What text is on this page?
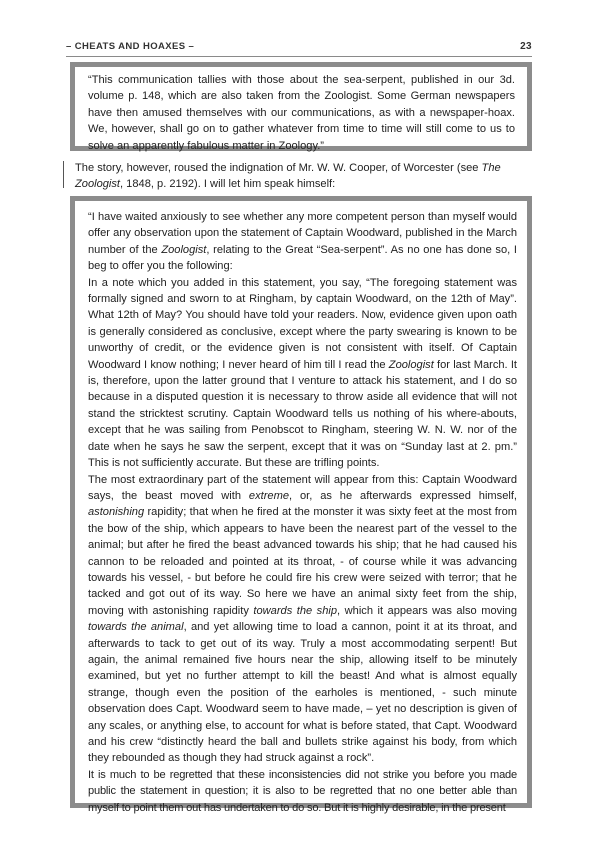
– CHEATS AND HOAXES –	23

“This communication tallies with those about the sea-serpent, published in our 3d. volume p. 148, which are also taken from the Zoologist. Some German newspapers have then amused themselves with our communications, as with a newspaper-hoax. We, however, shall go on to gather whatever from time to time will still come to us to solve an apparently fabulous matter in Zoology.”

The story, however, roused the indignation of Mr. W. W. Cooper, of Worcester (see The Zoologist, 1848, p. 2192). I will let him speak himself:

“I have waited anxiously to see whether any more competent person than myself would offer any observation upon the statement of Captain Woodward, published in the March number of the Zoologist, relating to the Great “Sea-serpent”. As no one has done so, I beg to offer you the following:

In a note which you added in this statement, you say, “The foregoing statement was formally signed and sworn to at Ringham, by captain Woodward, on the 12th of May”. What 12th of May? You should have told your readers. Now, evidence given upon oath is generally considered as conclusive, except where the party swearing is known to be unworthy of credit, or the evidence given is not consistent with itself. Of Captain Woodward I know nothing; I never heard of him till I read the Zoologist for last March. It is, therefore, upon the latter ground that I venture to attack his statement, and I do so because in a disputed question it is necessary to throw aside all evidence that will not stand the stricktest scrutiny. Captain Woodward tells us nothing of his where-abouts, except that he was sailing from Penobscot to Ringham, steering W. N. W. nor of the date when he says he saw the serpent, except that it was on “Sunday last at 2. pm.” This is not sufficiently accurate. But these are trifling points.

The most extraordinary part of the statement will appear from this: Captain Woodward says, the beast moved with extreme, or, as he afterwards expressed himself, astonishing rapidity; that when he fired at the monster it was sixty feet at the most from the bow of the ship, which appears to have been the nearest part of the vessel to the animal; but after he fired the beast advanced towards his ship; that he had caused his cannon to be reloaded and pointed at its throat, - of course while it was advancing towards his vessel, - but before he could fire his crew were seized with terror; that he tacked and got out of its way. So here we have an animal sixty feet from the ship, moving with astonishing rapidity towards the ship, which it appears was also moving towards the animal, and yet allowing time to load a cannon, point it at its throat, and afterwards to tack to get out of its way. Truly a most accommodating serpent! But again, the animal remained five hours near the ship, allowing itself to be minutely examined, but yet no further attempt to kill the beast! And what is almost equally strange, though even the position of the earholes is mentioned, - such minute observation does Capt. Woodward seem to have made, – yet no description is given of any scales, or anything else, to account for what is before stated, that Capt. Woodward and his crew “distinctly heard the ball and bullets strike against his body, from which they rebounded as though they had struck against a rock”.

It is much to be regretted that these inconsistencies did not strike you before you made public the statement in question; it is also to be regretted that no one better able than myself to point them out has undertaken to do so. But it is highly desirable, in the present
